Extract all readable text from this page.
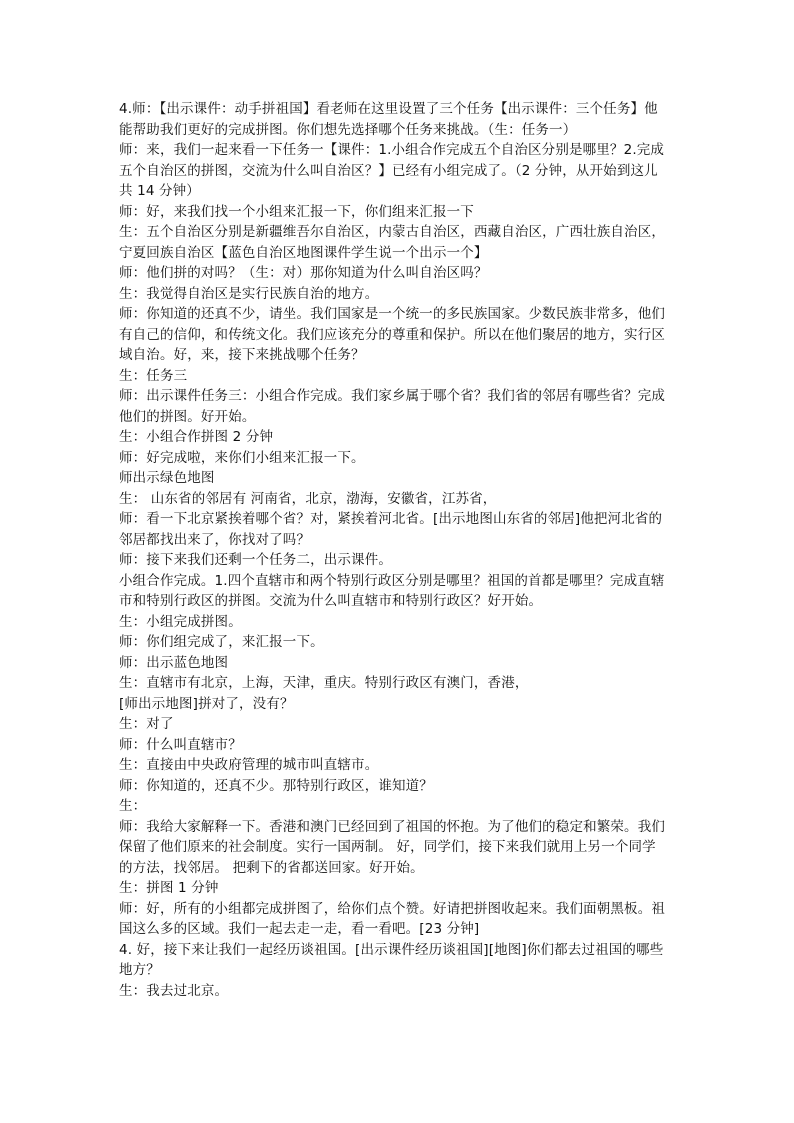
4.师：【出示课件：动手拼祖国】看老师在这里设置了三个任务【出示课件：三个任务】他
能帮助我们更好的完成拼图。你们想先选择哪个任务来挑战。（生：任务一）
师：来，我们一起来看一下任务一【课件：1.小组合作完成五个自治区分别是哪里？2.完成
五个自治区的拼图，交流为什么叫自治区？】已经有小组完成了。（2 分钟，从开始到这儿
共 14 分钟）
师：好，来我们找一个小组来汇报一下，你们组来汇报一下
生：五个自治区分别是新疆维吾尔自治区，内蒙古自治区，西藏自治区，广西壮族自治区，
宁夏回族自治区【蓝色自治区地图课件学生说一个出示一个】
师：他们拼的对吗？（生：对）那你知道为什么叫自治区吗？
生：我觉得自治区是实行民族自治的地方。
师：你知道的还真不少，请坐。我们国家是一个统一的多民族国家。少数民族非常多，他们
有自己的信仰，和传统文化。我们应该充分的尊重和保护。所以在他们聚居的地方，实行区
域自治。好，来，接下来挑战哪个任务？
生：任务三
师：出示课件任务三：小组合作完成。我们家乡属于哪个省？我们省的邻居有哪些省？完成
他们的拼图。好开始。
生：小组合作拼图 2 分钟
师：好完成啦，来你们小组来汇报一下。
师出示绿色地图
生： 山东省的邻居有 河南省，北京，渤海，安徽省，江苏省，
师：看一下北京紧挨着哪个省？对，紧挨着河北省。[出示地图山东省的邻居]他把河北省的
邻居都找出来了，你找对了吗？
师：接下来我们还剩一个任务二，出示课件。
小组合作完成。1.四个直辖市和两个特别行政区分别是哪里？祖国的首都是哪里？完成直辖
市和特别行政区的拼图。交流为什么叫直辖市和特别行政区？好开始。
生：小组完成拼图。
师：你们组完成了，来汇报一下。
师：出示蓝色地图
生：直辖市有北京，上海，天津，重庆。特别行政区有澳门，香港，
[师出示地图]拼对了，没有？
生：对了
师：什么叫直辖市？
生：直接由中央政府管理的城市叫直辖市。
师：你知道的，还真不少。那特别行政区，谁知道？
生：
师：我给大家解释一下。香港和澳门已经回到了祖国的怀抱。为了他们的稳定和繁荣。我们
保留了他们原来的社会制度。实行一国两制。 好，同学们，接下来我们就用上另一个同学
的方法，找邻居。 把剩下的省都送回家。好开始。
生：拼图 1 分钟
师：好，所有的小组都完成拼图了，给你们点个赞。好请把拼图收起来。我们面朝黑板。祖
国这么多的区域。我们一起去走一走，看一看吧。[23 分钟]
4. 好，接下来让我们一起经历谈祖国。[出示课件经历谈祖国][地图]你们都去过祖国的哪些
地方？
生：我去过北京。
